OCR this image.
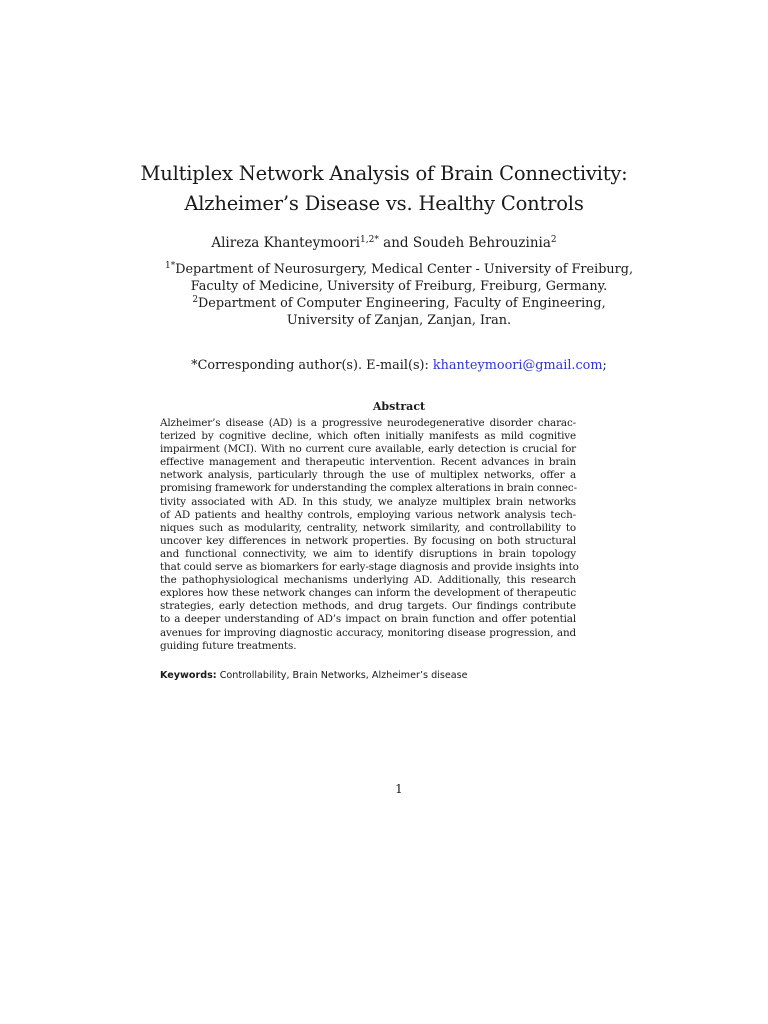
Multiplex Network Analysis of Brain Connectivity:
Alzheimer’s Disease vs. Healthy Controls
Alireza Khanteymoori$^{1,2*}$ and Soudeh Behrouzinia$^2$
$^{1*}$Department of Neurosurgery, Medical Center - University of Freiburg,
Faculty of Medicine, University of Freiburg, Freiburg, Germany.
$^2$Department of Computer Engineering, Faculty of Engineering,
University of Zanjan, Zanjan, Iran.
*Corresponding author(s). E-mail(s): khanteymoori@gmail.com;
Abstract
Alzheimer’s disease (AD) is a progressive neurodegenerative disorder charac-
terized by cognitive decline, which often initially manifests as mild cognitive
impairment (MCI). With no current cure available, early detection is crucial for
effective management and therapeutic intervention. Recent advances in brain
network analysis, particularly through the use of multiplex networks, offer a
promising framework for understanding the complex alterations in brain connec-
tivity associated with AD. In this study, we analyze multiplex brain networks
of AD patients and healthy controls, employing various network analysis tech-
niques such as modularity, centrality, network similarity, and controllability to
uncover key differences in network properties. By focusing on both structural
and functional connectivity, we aim to identify disruptions in brain topology
that could serve as biomarkers for early-stage diagnosis and provide insights into
the pathophysiological mechanisms underlying AD. Additionally, this research
explores how these network changes can inform the development of therapeutic
strategies, early detection methods, and drug targets. Our findings contribute
to a deeper understanding of AD’s impact on brain function and offer potential
avenues for improving diagnostic accuracy, monitoring disease progression, and
guiding future treatments.
Keywords: Controllability, Brain Networks, Alzheimer’s disease
1
